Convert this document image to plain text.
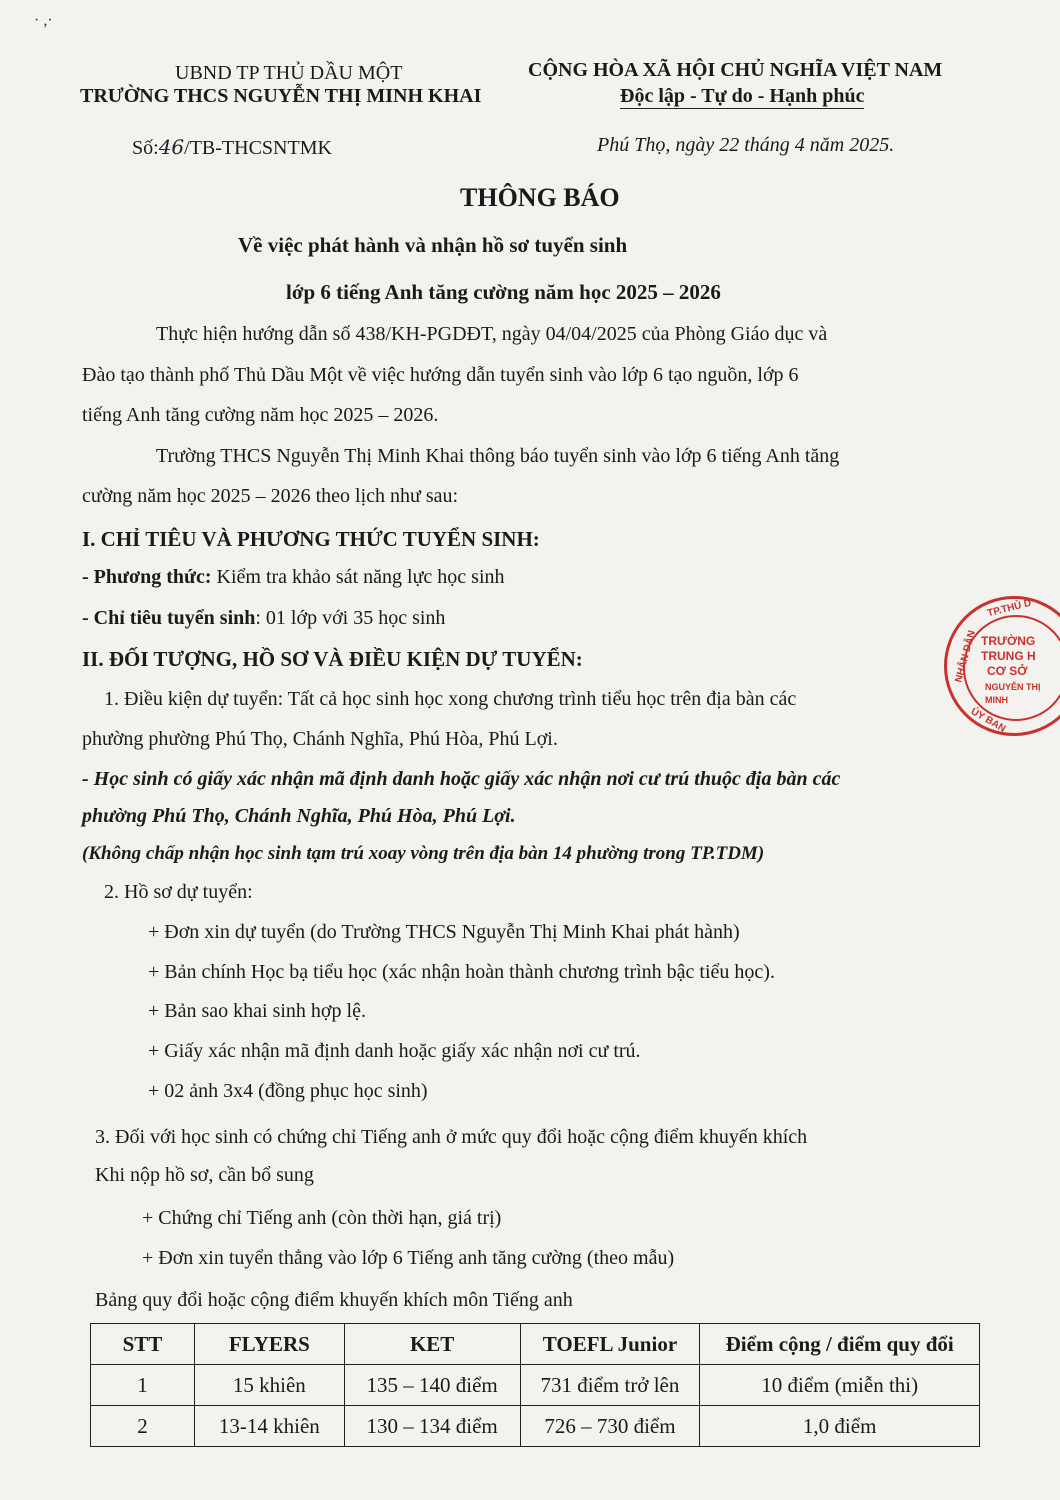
· ,·
UBND TP THỦ DẦU MỘT
TRƯỜNG THCS NGUYỄN THỊ MINH KHAI
CỘNG HÒA XÃ HỘI CHỦ NGHĨA VIỆT NAM
Độc lập - Tự do - Hạnh phúc
Số:46/TB-THCSNTMK	Phú Thọ, ngày 22 tháng 4 năm 2025.
THÔNG BÁO
Về việc phát hành và nhận hồ sơ tuyển sinh
lớp 6 tiếng Anh tăng cường năm học 2025 – 2026
Thực hiện hướng dẫn số 438/KH-PGDĐT, ngày 04/04/2025 của Phòng Giáo dục và
Đào tạo thành phố Thủ Dầu Một về việc hướng dẫn tuyển sinh vào lớp 6 tạo nguồn, lớp 6
tiếng Anh tăng cường năm học 2025 – 2026.
Trường THCS Nguyễn Thị Minh Khai thông báo tuyển sinh vào lớp 6 tiếng Anh tăng
cường năm học 2025 – 2026 theo lịch như sau:
I. CHỈ TIÊU VÀ PHƯƠNG THỨC TUYỂN SINH:
- Phương thức: Kiểm tra khảo sát năng lực học sinh
- Chỉ tiêu tuyển sinh: 01 lớp với 35 học sinh
II. ĐỐI TƯỢNG, HỒ SƠ VÀ ĐIỀU KIỆN DỰ TUYỂN:
1. Điều kiện dự tuyển: Tất cả học sinh học xong chương trình tiểu học trên địa bàn các
phường phường Phú Thọ, Chánh Nghĩa, Phú Hòa, Phú Lợi.
- Học sinh có giấy xác nhận mã định danh hoặc giấy xác nhận nơi cư trú thuộc địa bàn các
phường Phú Thọ, Chánh Nghĩa, Phú Hòa, Phú Lợi.
(Không chấp nhận học sinh tạm trú xoay vòng trên địa bàn 14 phường trong TP.TDM)
2. Hồ sơ dự tuyển:
+ Đơn xin dự tuyển (do Trường THCS Nguyễn Thị Minh Khai phát hành)
+ Bản chính Học bạ tiểu học (xác nhận hoàn thành chương trình bậc tiểu học).
+ Bản sao khai sinh hợp lệ.
+ Giấy xác nhận mã định danh hoặc giấy xác nhận nơi cư trú.
+ 02 ảnh 3x4 (đồng phục học sinh)
3. Đối với học sinh có chứng chỉ Tiếng anh ở mức quy đổi hoặc cộng điểm khuyến khích
Khi nộp hồ sơ, cần bổ sung
+ Chứng chỉ Tiếng anh (còn thời hạn, giá trị)
+ Đơn xin tuyển thẳng vào lớp 6 Tiếng anh tăng cường (theo mẫu)
Bảng quy đổi hoặc cộng điểm khuyến khích môn Tiếng anh
STT	FLYERS	KET	TOEFL Junior	Điểm cộng / điểm quy đổi
1	15 khiên	135 – 140 điểm	731 điểm trở lên	10 điểm (miễn thi)
2	13-14 khiên	130 – 134 điểm	726 – 730 điểm	1,0 điểm
TP.THỦ D
NHÂN DÂN
ỦY BAN
TRƯỜNG
TRUNG H
CƠ SỞ
NGUYỄN THỊ MINH
